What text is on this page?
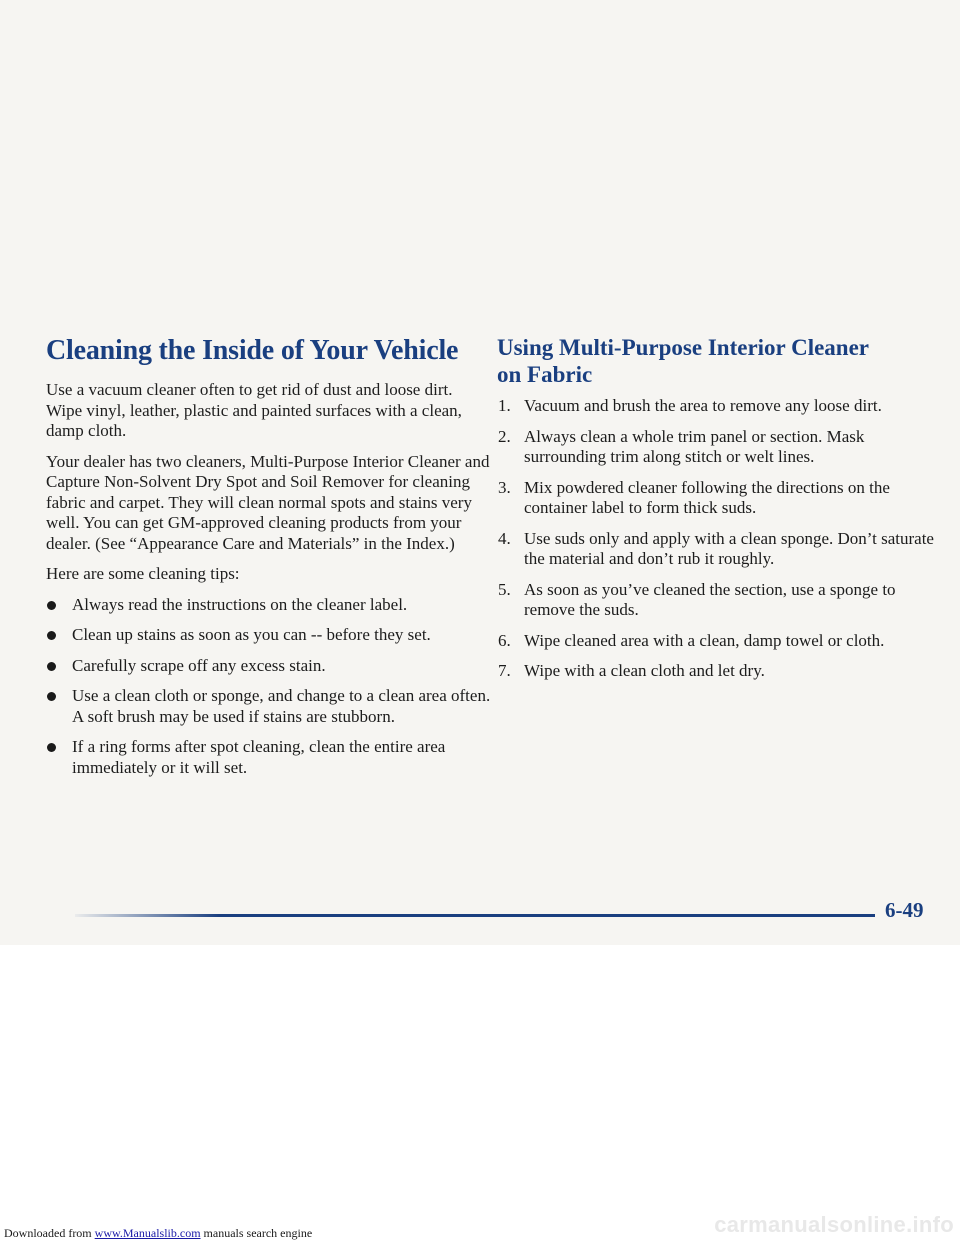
Cleaning the Inside of Your Vehicle

Use a vacuum cleaner often to get rid of dust and loose dirt. Wipe vinyl, leather, plastic and painted surfaces with a clean, damp cloth.

Your dealer has two cleaners, Multi-Purpose Interior Cleaner and Capture Non-Solvent Dry Spot and Soil Remover for cleaning fabric and carpet. They will clean normal spots and stains very well. You can get GM-approved cleaning products from your dealer. (See “Appearance Care and Materials” in the Index.)

Here are some cleaning tips:

Always read the instructions on the cleaner label.
Clean up stains as soon as you can -- before they set.
Carefully scrape off any excess stain.
Use a clean cloth or sponge, and change to a clean area often. A soft brush may be used if stains are stubborn.
If a ring forms after spot cleaning, clean the entire area immediately or it will set.
Using Multi-Purpose Interior Cleaner
on Fabric
1. Vacuum and brush the area to remove any loose dirt.
2. Always clean a whole trim panel or section. Mask surrounding trim along stitch or welt lines.
3. Mix powdered cleaner following the directions on the container label to form thick suds.
4. Use suds only and apply with a clean sponge. Don’t saturate the material and don’t rub it roughly.
5. As soon as you’ve cleaned the section, use a sponge to remove the suds.
6. Wipe cleaned area with a clean, damp towel or cloth.
7. Wipe with a clean cloth and let dry.
6-49
Downloaded from www.Manualslib.com manuals search engine	carmanualsonline.info
